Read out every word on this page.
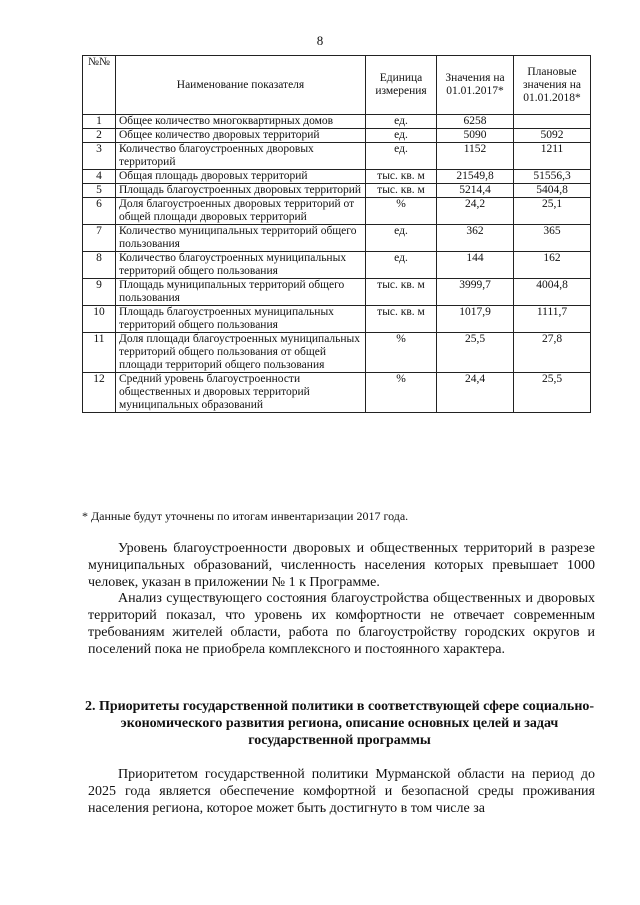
8
№№	Наименование показателя	Единица измерения	Значения на 01.01.2017*	Плановые значения на 01.01.2018*
1	Общее количество многоквартирных домов	ед.	6258	
2	Общее количество дворовых территорий	ед.	5090	5092
3	Количество благоустроенных дворовых территорий	ед.	1152	1211
4	Общая площадь дворовых территорий	тыс. кв. м	21549,8	51556,3
5	Площадь благоустроенных дворовых территорий	тыс. кв. м	5214,4	5404,8
6	Доля благоустроенных дворовых территорий от общей площади дворовых территорий	%	24,2	25,1
7	Количество муниципальных территорий общего пользования	ед.	362	365
8	Количество благоустроенных муниципальных территорий общего пользования	ед.	144	162
9	Площадь муниципальных территорий общего пользования	тыс. кв. м	3999,7	4004,8
10	Площадь благоустроенных муниципальных территорий общего пользования	тыс. кв. м	1017,9	1111,7
11	Доля площади благоустроенных муниципальных территорий общего пользования от общей площади территорий общего пользования	%	25,5	27,8
12	Средний уровень благоустроенности общественных и дворовых территорий муниципальных образований	%	24,4	25,5
* Данные будут уточнены по итогам инвентаризации 2017 года.

Уровень благоустроенности дворовых и общественных территорий в разрезе муниципальных образований, численность населения которых превышает 1000 человек, указан в приложении № 1 к Программе.

Анализ существующего состояния благоустройства общественных и дворовых территорий показал, что уровень их комфортности не отвечает современным требованиям жителей области, работа по благоустройству городских округов и поселений пока не приобрела комплексного и постоянного характера.

2. Приоритеты государственной политики в соответствующей сфере социально-экономического развития региона, описание основных целей и задач государственной программы

Приоритетом государственной политики Мурманской области на период до 2025 года является обеспечение комфортной и безопасной среды проживания населения региона, которое может быть достигнуто в том числе за
